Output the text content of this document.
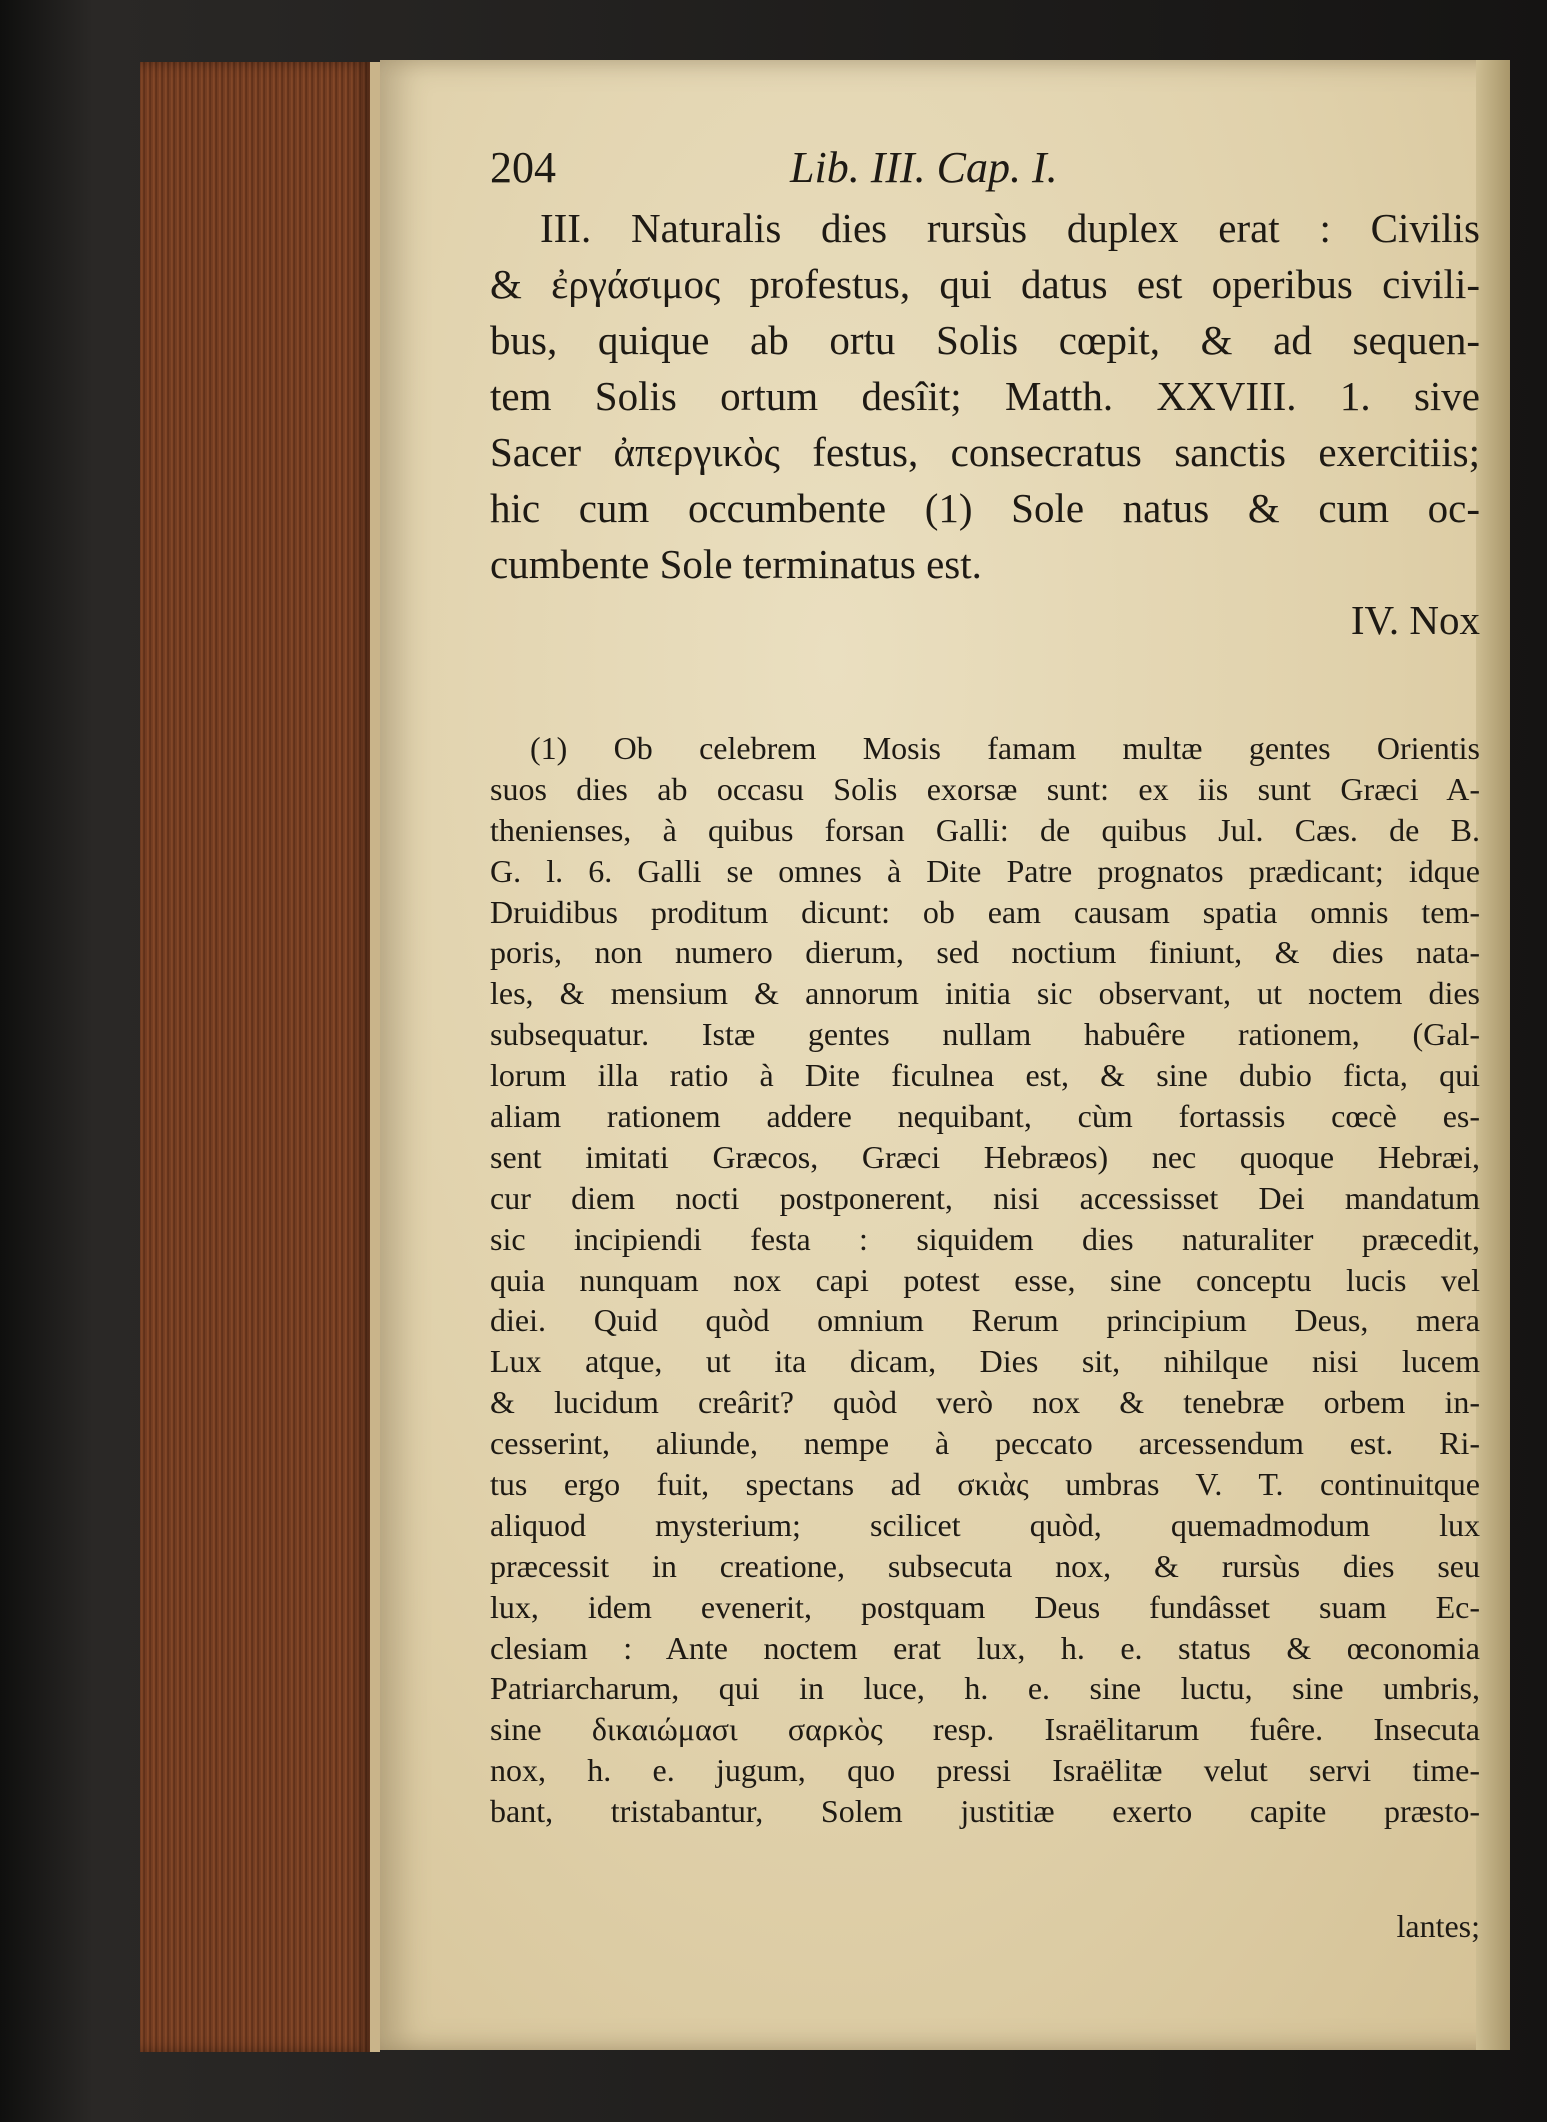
204	Lib. III. Cap. I.
III. Naturalis dies rursùs duplex erat : Civilis
& ἐργάσιμος profestus, qui datus est operibus civili-
bus, quique ab ortu Solis cœpit, & ad sequen-
tem Solis ortum desîit; Matth. XXVIII. 1. sive
Sacer ἀπεργικὸς festus, consecratus sanctis exercitiis;
hic cum occumbente (1) Sole natus & cum oc-
cumbente Sole terminatus est.
IV. Nox
(1) Ob celebrem Mosis famam multæ gentes Orientis
suos dies ab occasu Solis exorsæ sunt: ex iis sunt Græci A-
thenienses, à quibus forsan Galli: de quibus Jul. Cæs. de B.
G. l. 6. Galli se omnes à Dite Patre prognatos prædicant; idque
Druidibus proditum dicunt: ob eam causam spatia omnis tem-
poris, non numero dierum, sed noctium finiunt, & dies nata-
les, & mensium & annorum initia sic observant, ut noctem dies
subsequatur. Istæ gentes nullam habuêre rationem, (Gal-
lorum illa ratio à Dite ficulnea est, & sine dubio ficta, qui
aliam rationem addere nequibant, cùm fortassis cœcè es-
sent imitati Græcos, Græci Hebræos) nec quoque Hebræi,
cur diem nocti postponerent, nisi accessisset Dei mandatum
sic incipiendi festa : siquidem dies naturaliter præcedit,
quia nunquam nox capi potest esse, sine conceptu lucis vel
diei. Quid quòd omnium Rerum principium Deus, mera
Lux atque, ut ita dicam, Dies sit, nihilque nisi lucem
& lucidum creârit? quòd verò nox & tenebræ orbem in-
cesserint, aliunde, nempe à peccato arcessendum est. Ri-
tus ergo fuit, spectans ad σκιὰς umbras V. T. continuitque
aliquod mysterium; scilicet quòd, quemadmodum lux
præcessit in creatione, subsecuta nox, & rursùs dies seu
lux, idem evenerit, postquam Deus fundâsset suam Ec-
clesiam : Ante noctem erat lux, h. e. status & œconomia
Patriarcharum, qui in luce, h. e. sine luctu, sine umbris,
sine δικαιώμασι σαρκὸς resp. Israëlitarum fuêre. Insecuta
nox, h. e. jugum, quo pressi Israëlitæ velut servi time-
bant, tristabantur, Solem justitiæ exerto capite præsto-
lantes;
